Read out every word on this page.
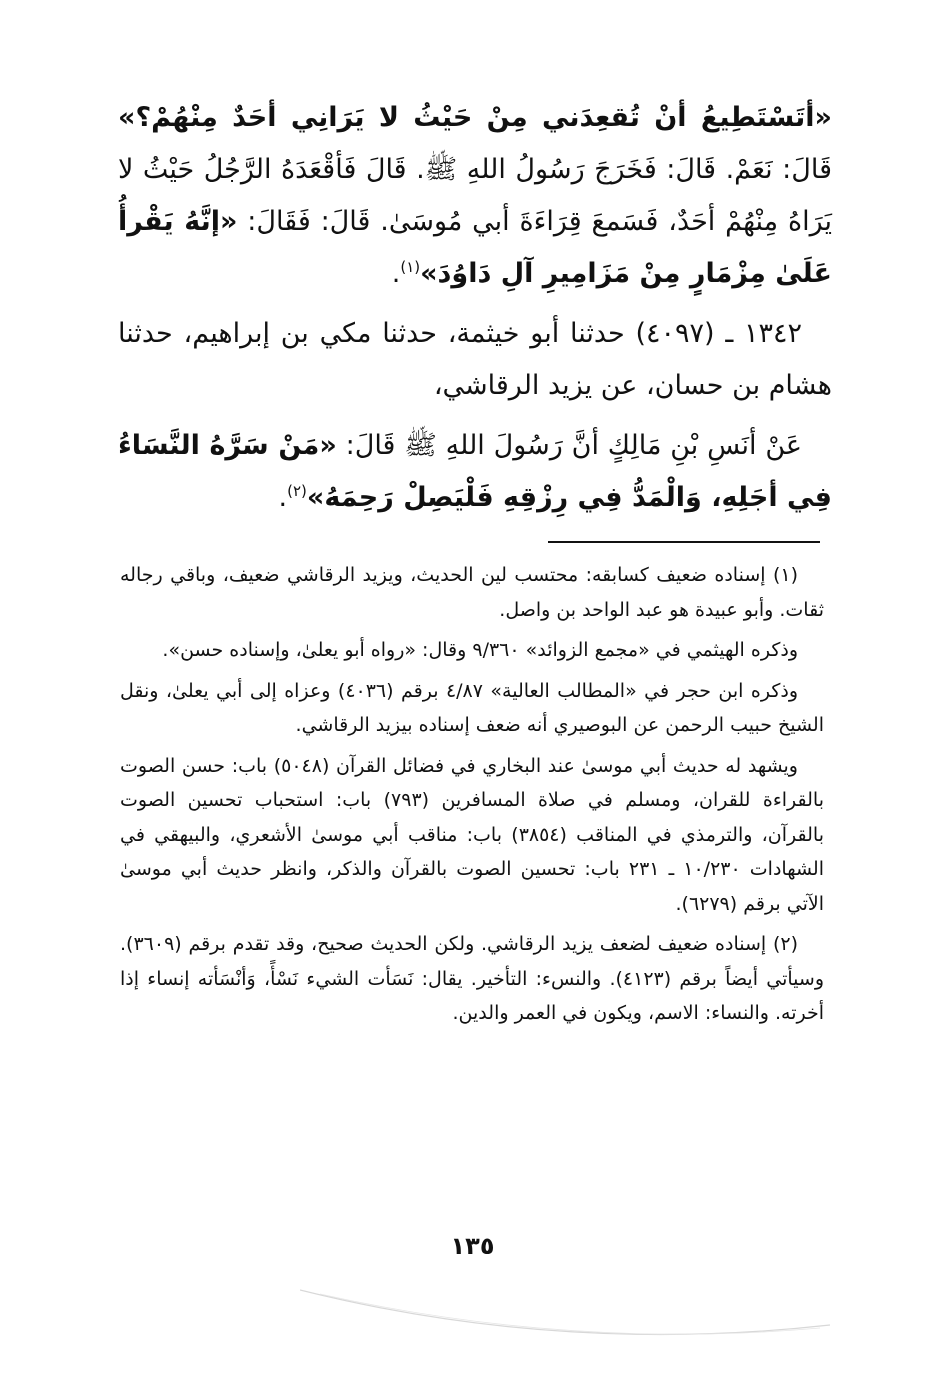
«أتَسْتَطِيعُ أنْ تُقعِدَني مِنْ حَيْثُ لا يَرَانِي أحَدٌ مِنْهُمْ؟» قَالَ: نَعَمْ. قَالَ: فَخَرَجَ رَسُولُ اللهِ ﷺ. قَالَ فَأقْعَدَهُ الرَّجُلُ حَيْثُ لا يَرَاهُ مِنْهُمْ أحَدٌ، فَسَمعَ قِرَاءَةَ أبي مُوسَىٰ. قَالَ: فَقَالَ: «إنَّهُ يَقْرأُ عَلَىٰ مِزْمَارٍ مِنْ مَزَامِيرِ آلِ دَاوُدَ»$^{(١)}$.

١٣٤٢ ـ (٤٠٩٧) حدثنا أبو خيثمة، حدثنا مكي بن إبراهيم، حدثنا هشام بن حسان، عن يزيد الرقاشي،

عَنْ أنَسِ بْنِ مَالِكٍ أنَّ رَسُولَ اللهِ ﷺ قَالَ: «مَنْ سَرَّهُ النَّسَاءُ فِي أجَلِهِ، وَالْمَدُّ فِي رِزْقِهِ فَلْيَصِلْ رَحِمَهُ»$^{(٢)}$.

(١) إسناده ضعيف كسابقه: محتسب لين الحديث، ويزيد الرقاشي ضعيف، وباقي رجاله ثقات. وأبو عبيدة هو عبد الواحد بن واصل.

وذكره الهيثمي في «مجمع الزوائد» ٩/٣٦٠ وقال: «رواه أبو يعلىٰ، وإسناده حسن».

وذكره ابن حجر في «المطالب العالية» ٤/٨٧ برقم (٤٠٣٦) وعزاه إلى أبي يعلىٰ، ونقل الشيخ حبيب الرحمن عن البوصيري أنه ضعف إسناده بيزيد الرقاشي.

ويشهد له حديث أبي موسىٰ عند البخاري في فضائل القرآن (٥٠٤٨) باب: حسن الصوت بالقراءة للقران، ومسلم في صلاة المسافرين (٧٩٣) باب: استحباب تحسين الصوت بالقرآن، والترمذي في المناقب (٣٨٥٤) باب: مناقب أبي موسىٰ الأشعري، والبيهقي في الشهادات ١٠/٢٣٠ ـ ٢٣١ باب: تحسين الصوت بالقرآن والذكر، وانظر حديث أبي موسىٰ الآتي برقم (٦٢٧٩).

(٢) إسناده ضعيف لضعف يزيد الرقاشي. ولكن الحديث صحيح، وقد تقدم برقم (٣٦٠٩). وسيأتي أيضاً برقم (٤١٢٣). والنسء: التأخير. يقال: نَسَأت الشيء نَسْأً، وَأنْسَأته إنساء إذا أخرته. والنساء: الاسم، ويكون في العمر والدين.

١٣٥
